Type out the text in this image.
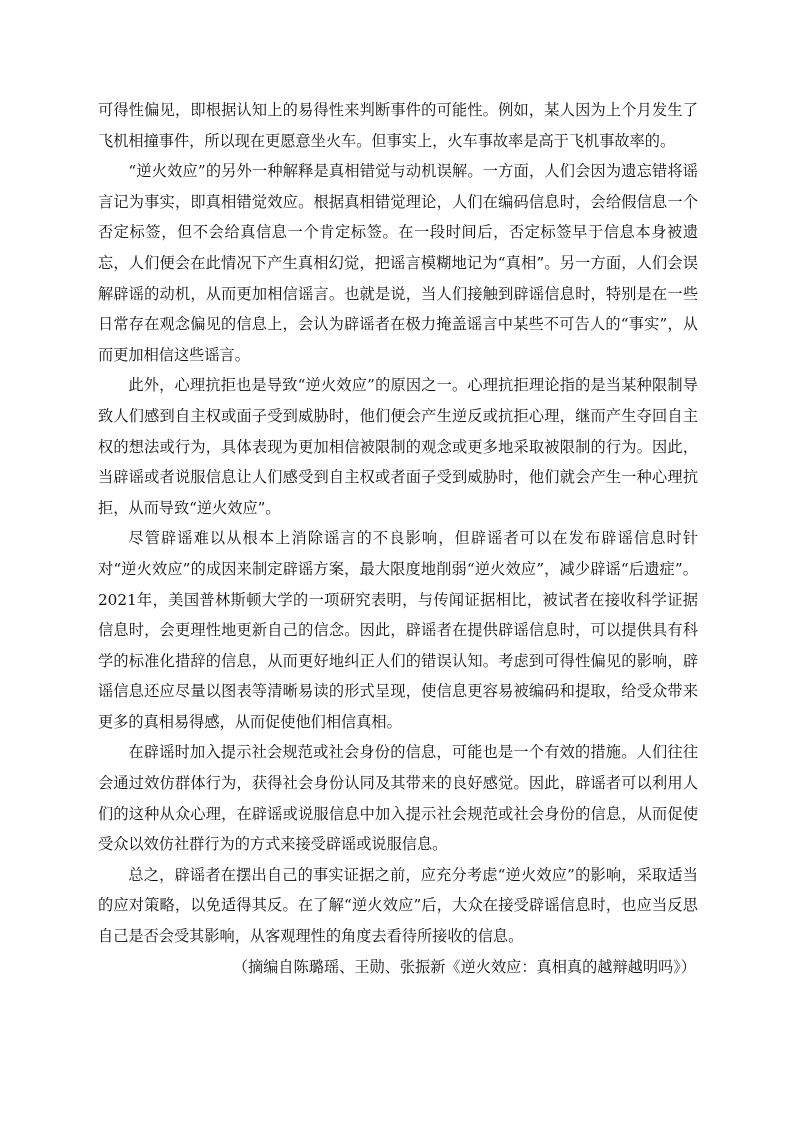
可得性偏见，即根据认知上的易得性来判断事件的可能性。例如，某人因为上个月发生了飞机相撞事件，所以现在更愿意坐火车。但事实上，火车事故率是高于飞机事故率的。

“逆火效应”的另外一种解释是真相错觉与动机误解。一方面，人们会因为遗忘错将谣言记为事实，即真相错觉效应。根据真相错觉理论，人们在编码信息时，会给假信息一个否定标签，但不会给真信息一个肯定标签。在一段时间后，否定标签早于信息本身被遗忘，人们便会在此情况下产生真相幻觉，把谣言模糊地记为“真相”。另一方面，人们会误解辟谣的动机，从而更加相信谣言。也就是说，当人们接触到辟谣信息时，特别是在一些日常存在观念偏见的信息上，会认为辟谣者在极力掩盖谣言中某些不可告人的“事实”，从而更加相信这些谣言。

此外，心理抗拒也是导致“逆火效应”的原因之一。心理抗拒理论指的是当某种限制导致人们感到自主权或面子受到威胁时，他们便会产生逆反或抗拒心理，继而产生夺回自主权的想法或行为，具体表现为更加相信被限制的观念或更多地采取被限制的行为。因此，当辟谣或者说服信息让人们感受到自主权或者面子受到威胁时，他们就会产生一种心理抗拒，从而导致“逆火效应”。

尽管辟谣难以从根本上消除谣言的不良影响，但辟谣者可以在发布辟谣信息时针对“逆火效应”的成因来制定辟谣方案，最大限度地削弱“逆火效应”，减少辟谣“后遗症”。2021年，美国普林斯顿大学的一项研究表明，与传闻证据相比，被试者在接收科学证据信息时，会更理性地更新自己的信念。因此，辟谣者在提供辟谣信息时，可以提供具有科学的标准化措辞的信息，从而更好地纠正人们的错误认知。考虑到可得性偏见的影响，辟谣信息还应尽量以图表等清晰易读的形式呈现，使信息更容易被编码和提取，给受众带来更多的真相易得感，从而促使他们相信真相。

在辟谣时加入提示社会规范或社会身份的信息，可能也是一个有效的措施。人们往往会通过效仿群体行为，获得社会身份认同及其带来的良好感觉。因此，辟谣者可以利用人们的这种从众心理，在辟谣或说服信息中加入提示社会规范或社会身份的信息，从而促使受众以效仿社群行为的方式来接受辟谣或说服信息。

总之，辟谣者在摆出自己的事实证据之前，应充分考虑“逆火效应”的影响，采取适当的应对策略，以免适得其反。在了解“逆火效应”后，大众在接受辟谣信息时，也应当反思自己是否会受其影响，从客观理性的角度去看待所接收的信息。

（摘编自陈璐瑶、王勋、张振新《逆火效应：真相真的越辩越明吗》）
